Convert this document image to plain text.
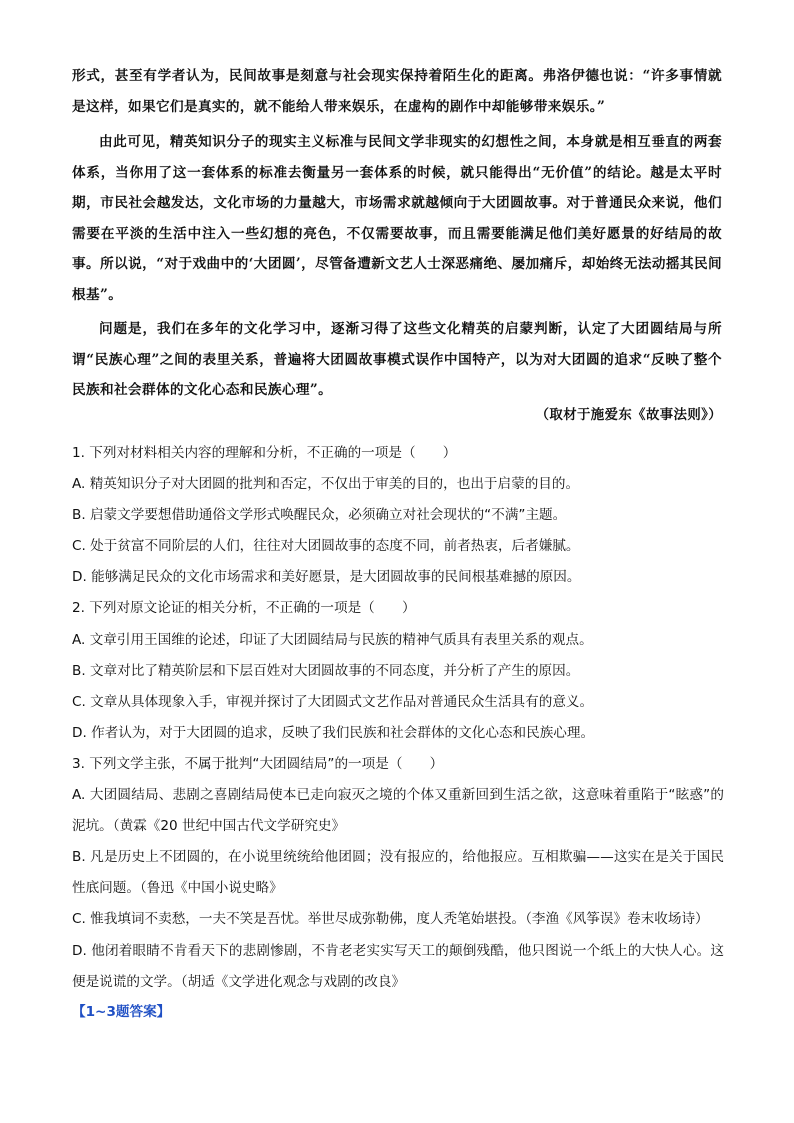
形式，甚至有学者认为，民间故事是刻意与社会现实保持着陌生化的距离。弗洛伊德也说：“许多事情就是这样，如果它们是真实的，就不能给人带来娱乐，在虚构的剧作中却能够带来娱乐。”
由此可见，精英知识分子的现实主义标准与民间文学非现实的幻想性之间，本身就是相互垂直的两套体系，当你用了这一套体系的标准去衡量另一套体系的时候，就只能得出“无价值”的结论。越是太平时期，市民社会越发达，文化市场的力量越大，市场需求就越倾向于大团圆故事。对于普通民众来说，他们需要在平淡的生活中注入一些幻想的亮色，不仅需要故事，而且需要能满足他们美好愿景的好结局的故事。所以说，“对于戏曲中的‘大团圆’，尽管备遭新文艺人士深恶痛绝、屡加痛斥，却始终无法动摇其民间根基”。
问题是，我们在多年的文化学习中，逐渐习得了这些文化精英的启蒙判断，认定了大团圆结局与所谓“民族心理”之间的表里关系，普遍将大团圆故事模式误作中国特产，以为对大团圆的追求“反映了整个民族和社会群体的文化心态和民族心理”。
（取材于施爱东《故事法则》）
1. 下列对材料相关内容的理解和分析，不正确的一项是（　　）
A. 精英知识分子对大团圆的批判和否定，不仅出于审美的目的，也出于启蒙的目的。
B. 启蒙文学要想借助通俗文学形式唤醒民众，必须确立对社会现状的“不满”主题。
C. 处于贫富不同阶层的人们，往往对大团圆故事的态度不同，前者热衷，后者嫌腻。
D. 能够满足民众的文化市场需求和美好愿景，是大团圆故事的民间根基难撼的原因。
2. 下列对原文论证的相关分析，不正确的一项是（　　）
A. 文章引用王国维的论述，印证了大团圆结局与民族的精神气质具有表里关系的观点。
B. 文章对比了精英阶层和下层百姓对大团圆故事的不同态度，并分析了产生的原因。
C. 文章从具体现象入手，审视并探讨了大团圆式文艺作品对普通民众生活具有的意义。
D. 作者认为，对于大团圆的追求，反映了我们民族和社会群体的文化心态和民族心理。
3. 下列文学主张，不属于批判“大团圆结局”的一项是（　　）
A. 大团圆结局、悲剧之喜剧结局使本已走向寂灭之境的个体又重新回到生活之欲，这意味着重陷于“眩惑”的泥坑。（黄霖《20 世纪中国古代文学研究史》
B. 凡是历史上不团圆的，在小说里统统给他团圆；没有报应的，给他报应。互相欺骗——这实在是关于国民性底问题。（鲁迅《中国小说史略》
C. 惟我填词不卖愁，一夫不笑是吾忧。举世尽成弥勒佛，度人秃笔始堪投。（李渔《风筝误》卷末收场诗）
D. 他闭着眼睛不肯看天下的悲剧惨剧，不肯老老实实写天工的颠倒残酷，他只图说一个纸上的大快人心。这便是说谎的文学。（胡适《文学进化观念与戏剧的改良》
【1~3题答案】
